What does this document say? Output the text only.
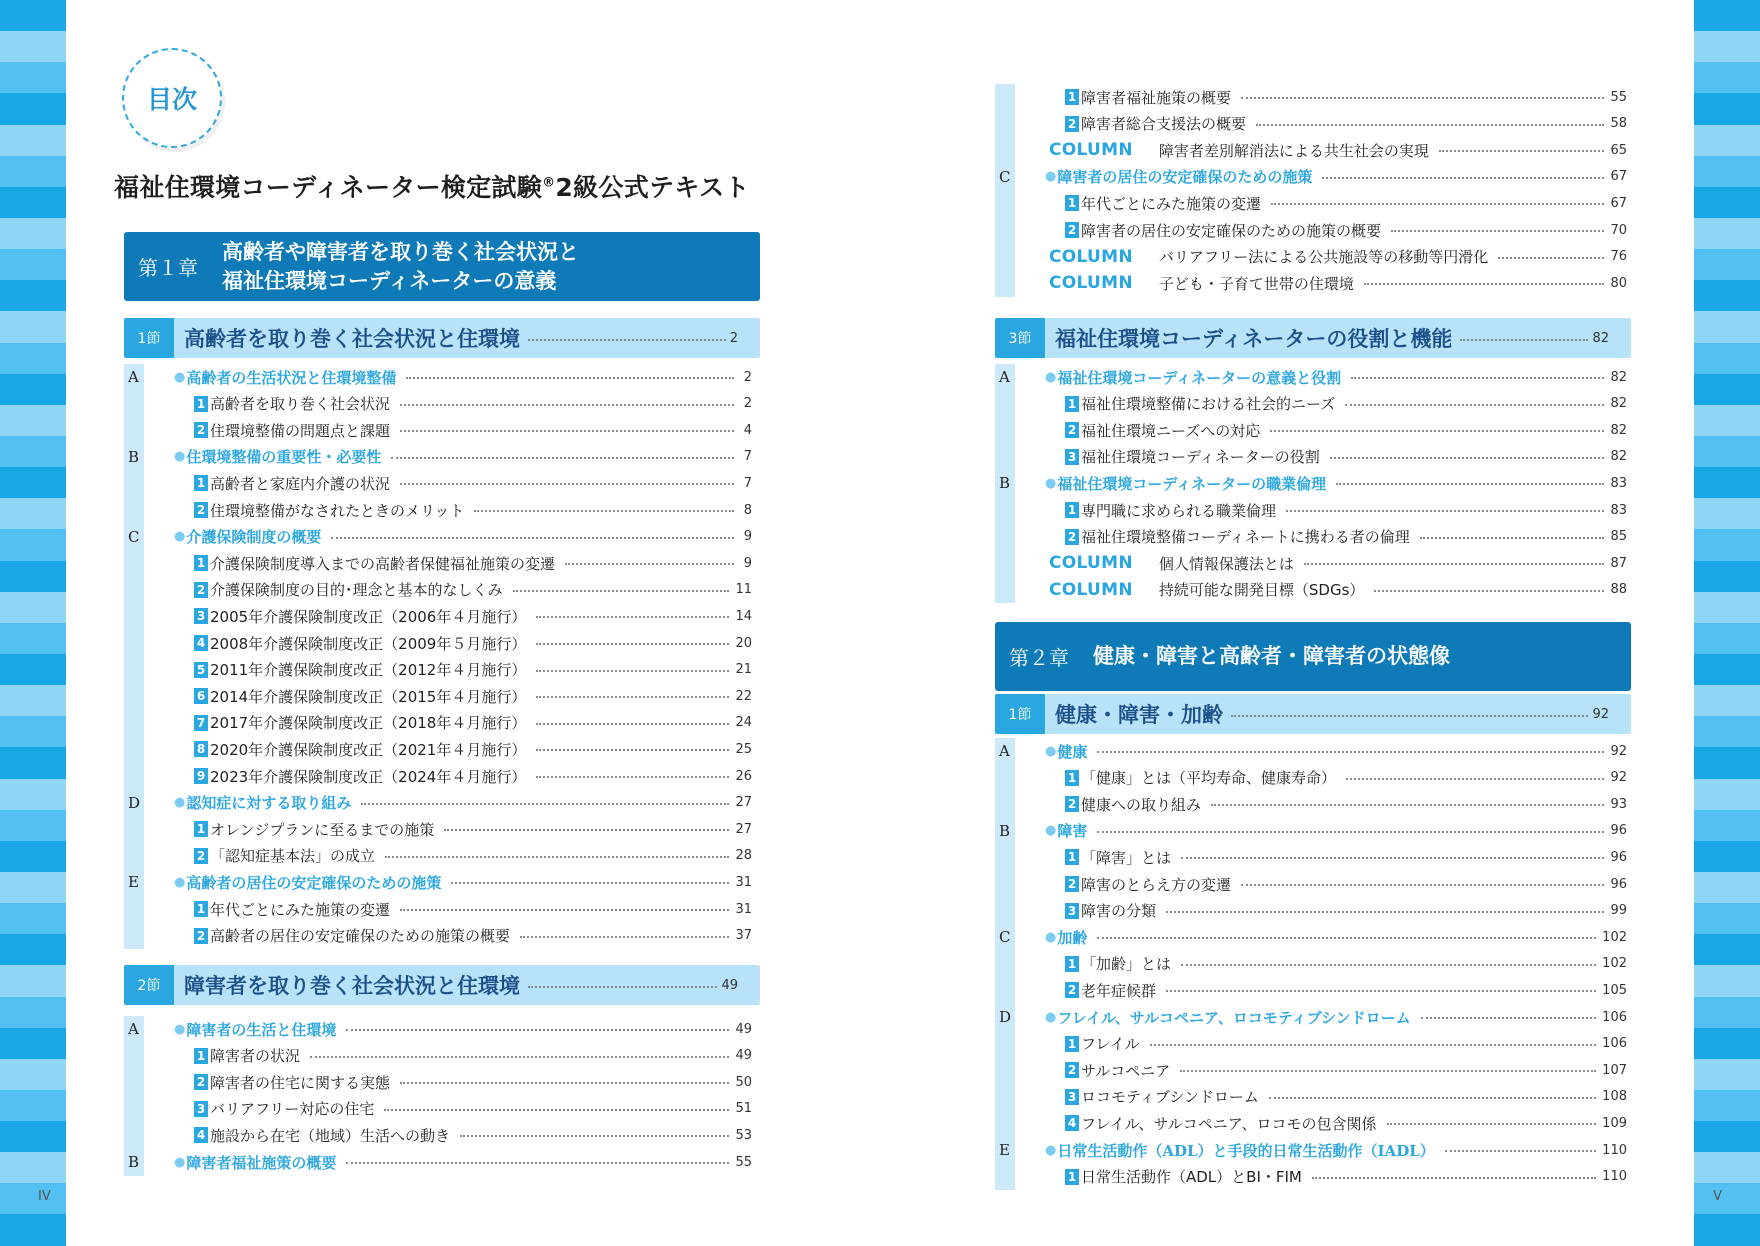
目次
福祉住環境コーディネーター検定試験®2級公式テキスト
第１章
高齢者や障害者を取り巻く社会状況と
福祉住環境コーディネーターの意義
1節	高齢者を取り巻く社会状況と住環境	2
A	● 高齢者の生活状況と住環境整備	2
1 高齢者を取り巻く社会状況	2
2 住環境整備の問題点と課題	4
B	● 住環境整備の重要性・必要性	7
1 高齢者と家庭内介護の状況	7
2 住環境整備がなされたときのメリット	8
C	● 介護保険制度の概要	9
1 介護保険制度導入までの高齢者保健福祉施策の変遷	9
2 介護保険制度の目的･理念と基本的なしくみ	11
3 2005年介護保険制度改正（2006年４月施行）	14
4 2008年介護保険制度改正（2009年５月施行）	20
5 2011年介護保険制度改正（2012年４月施行）	21
6 2014年介護保険制度改正（2015年４月施行）	22
7 2017年介護保険制度改正（2018年４月施行）	24
8 2020年介護保険制度改正（2021年４月施行）	25
9 2023年介護保険制度改正（2024年４月施行）	26
D	● 認知症に対する取り組み	27
1 オレンジプランに至るまでの施策	27
2 「認知症基本法」の成立	28
E	● 高齢者の居住の安定確保のための施策	31
1 年代ごとにみた施策の変遷	31
2 高齢者の居住の安定確保のための施策の概要	37
2節	障害者を取り巻く社会状況と住環境	49
A	● 障害者の生活と住環境	49
1 障害者の状況	49
2 障害者の住宅に関する実態	50
3 バリアフリー対応の住宅	51
4 施設から在宅（地域）生活への動き	53
B	● 障害者福祉施策の概要	55
IV
1 障害者福祉施策の概要	55
2 障害者総合支援法の概要	58
COLUMN 障害者差別解消法による共生社会の実現	65
C	● 障害者の居住の安定確保のための施策	67
1 年代ごとにみた施策の変遷	67
2 障害者の居住の安定確保のための施策の概要	70
COLUMN バリアフリー法による公共施設等の移動等円滑化	76
COLUMN 子ども・子育て世帯の住環境	80
3節	福祉住環境コーディネーターの役割と機能	82
A	● 福祉住環境コーディネーターの意義と役割	82
1 福祉住環境整備における社会的ニーズ	82
2 福祉住環境ニーズへの対応	82
3 福祉住環境コーディネーターの役割	82
B	● 福祉住環境コーディネーターの職業倫理	83
1 専門職に求められる職業倫理	83
2 福祉住環境整備コーディネートに携わる者の倫理	85
COLUMN 個人情報保護法とは	87
COLUMN 持続可能な開発目標（SDGs）	88
第２章	健康・障害と高齢者・障害者の状態像
1節	健康・障害・加齢	92
A	● 健康	92
1 「健康」とは（平均寿命、健康寿命）	92
2 健康への取り組み	93
B	● 障害	96
1 「障害」とは	96
2 障害のとらえ方の変遷	96
3 障害の分類	99
C	● 加齢	102
1 「加齢」とは	102
2 老年症候群	105
D	● フレイル、サルコペニア、ロコモティブシンドローム	106
1 フレイル	106
2 サルコペニア	107
3 ロコモティブシンドローム	108
4 フレイル、サルコペニア、ロコモの包含関係	109
E	● 日常生活動作（ADL）と手段的日常生活動作（IADL）	110
1 日常生活動作（ADL）とBI・FIM	110
V
